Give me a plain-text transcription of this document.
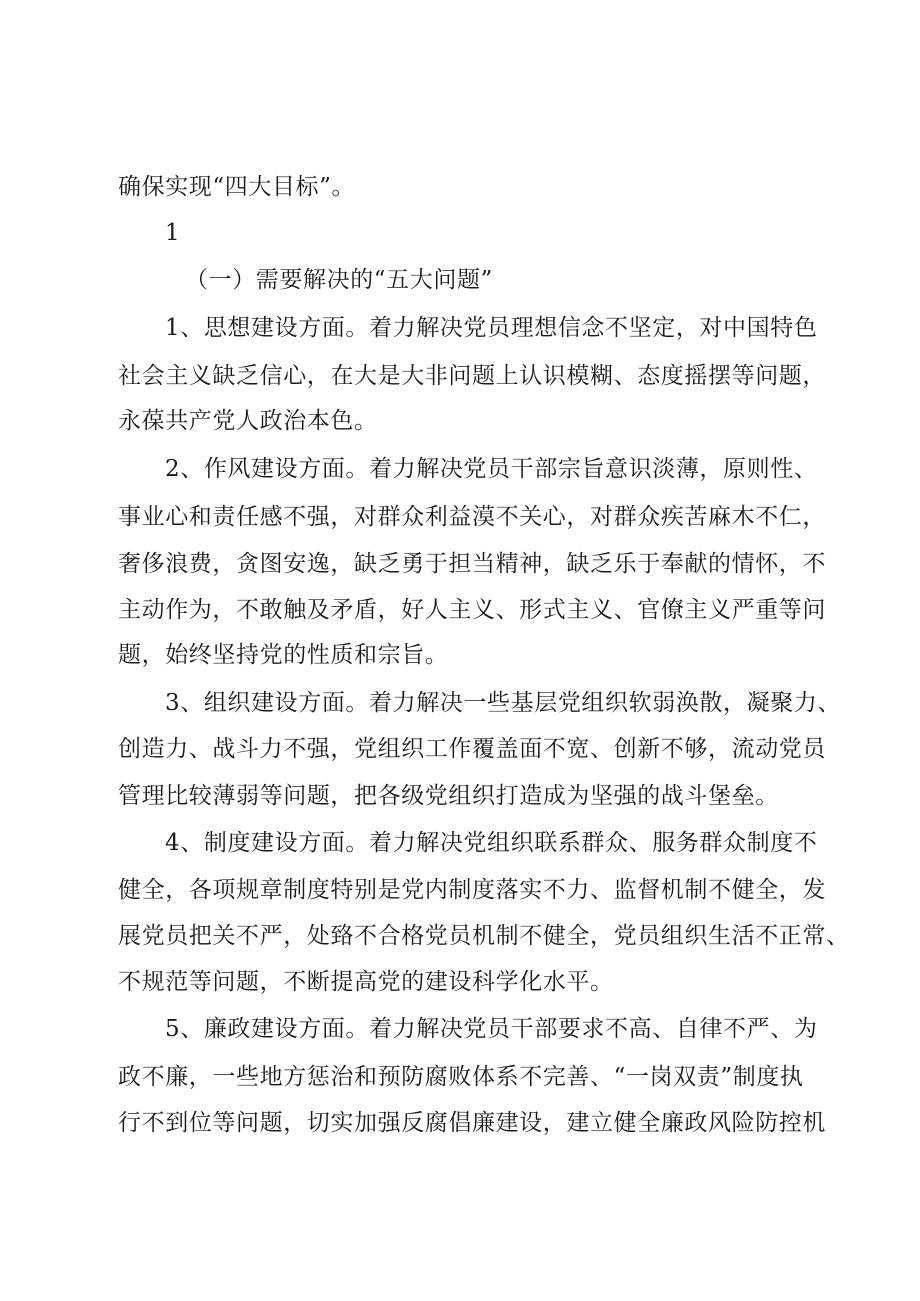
确保实现“四大目标”。
1
（一）需要解决的“五大问题”
1、思想建设方面。着力解决党员理想信念不坚定，对中国特色
社会主义缺乏信心，在大是大非问题上认识模糊、态度摇摆等问题，
永葆共产党人政治本色。
2、作风建设方面。着力解决党员干部宗旨意识淡薄，原则性、
事业心和责任感不强，对群众利益漠不关心，对群众疾苦麻木不仁，
奢侈浪费，贪图安逸，缺乏勇于担当精神，缺乏乐于奉献的情怀，不
主动作为，不敢触及矛盾，好人主义、形式主义、官僚主义严重等问
题，始终坚持党的性质和宗旨。
3、组织建设方面。着力解决一些基层党组织软弱涣散，凝聚力、
创造力、战斗力不强，党组织工作覆盖面不宽、创新不够，流动党员
管理比较薄弱等问题，把各级党组织打造成为坚强的战斗堡垒。
4、制度建设方面。着力解决党组织联系群众、服务群众制度不
健全，各项规章制度特别是党内制度落实不力、监督机制不健全，发
展党员把关不严，处臵不合格党员机制不健全，党员组织生活不正常、
不规范等问题，不断提高党的建设科学化水平。
5、廉政建设方面。着力解决党员干部要求不高、自律不严、为
政不廉，一些地方惩治和预防腐败体系不完善、“一岗双责”制度执
行不到位等问题，切实加强反腐倡廉建设，建立健全廉政风险防控机
